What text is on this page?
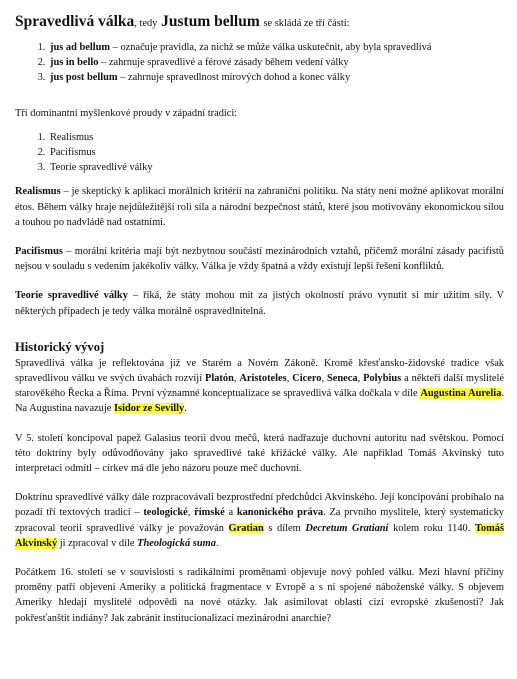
Spravedlivá válka, tedy Justum bellum se skládá ze tří částí:

1. jus ad bellum – označuje pravidla, za nichž se může válka uskutečnit, aby byla spravedlivá
2. jus in bello – zahrnuje spravedlivé a férové zásady během vedení války
3. jus post bellum – zahrnuje spravedlnost mírových dohod a konec války

Tři dominantní myšlenkové proudy v západní tradici:

1. Realismus
2. Pacifismus
3. Teorie spravedlivé války

Realismus – je skeptický k aplikaci morálních kritérií na zahraniční politiku. Na státy není možné aplikovat morální étos. Během války hraje nejdůležitější roli síla a národní bezpečnost států, které jsou motivovány ekonomickou silou a touhou po nadvládě nad ostatními.

Pacifismus – morální kritéria mají být nezbytnou součástí mezinárodních vztahů, přičemž morální zásady pacifistů nejsou v souladu s vedením jakékoliv války. Válka je vždy špatná a vždy existují lepší řešení konfliktů.

Teorie spravedlivé války – říká, že státy mohou mít za jistých okolností právo vynutit si mír užitím síly. V některých případech je tedy válka morálně ospravedlnitelná.

Historický vývoj

Spravedlivá válka je reflektována již ve Starém a Novém Zákoně. Kromě křesťansko-židovské tradice však spravedlivou válku ve svých úvahách rozvíjí Platón, Aristoteles, Cicero, Seneca, Polybius a někteří další myslitelé starověkého Řecka a Říma. První významné konceptualizace se spravedlivá válka dočkala v díle Augustina Aurelia. Na Augustina navazuje Isidor ze Sevilly.

V 5. století koncipoval papež Galasius teorii dvou mečů, která nadřazuje duchovní autoritu nad světskou. Pomocí této doktríny byly odůvodňovány jako spravedlivé také křižácké války. Ale například Tomáš Akvinský tuto interpretaci odmítl – církev má dle jeho názoru pouze meč duchovní.

Doktrínu spravedlivé války dále rozpracovávali bezprostřední předchůdci Akvinského. Její koncipování probíhalo na pozadí tří textových tradicí – teologické, římské a kanonického práva. Za prvního myslitele, který systematicky zpracoval teorii spravedlivé války je považován Gratian s dílem Decretum Gratiani kolem roku 1140. Tomáš Akvinský ji zpracoval v díle Theologická suma.

Počátkem 16. století se v souvislosti s radikálními proměnami objevuje nový pohled válku. Mezi hlavní příčiny proměny patří objevení Ameriky a politická fragmentace v Evropě a s ní spojené náboženské války. S objevem Ameriky hledají myslitelé odpovědi na nové otázky. Jak asimilovat oblasti cizí evropské zkušenosti? Jak pokřesťanštit indiány? Jak zabránit institucionalizaci mezinárodní anarchie?
